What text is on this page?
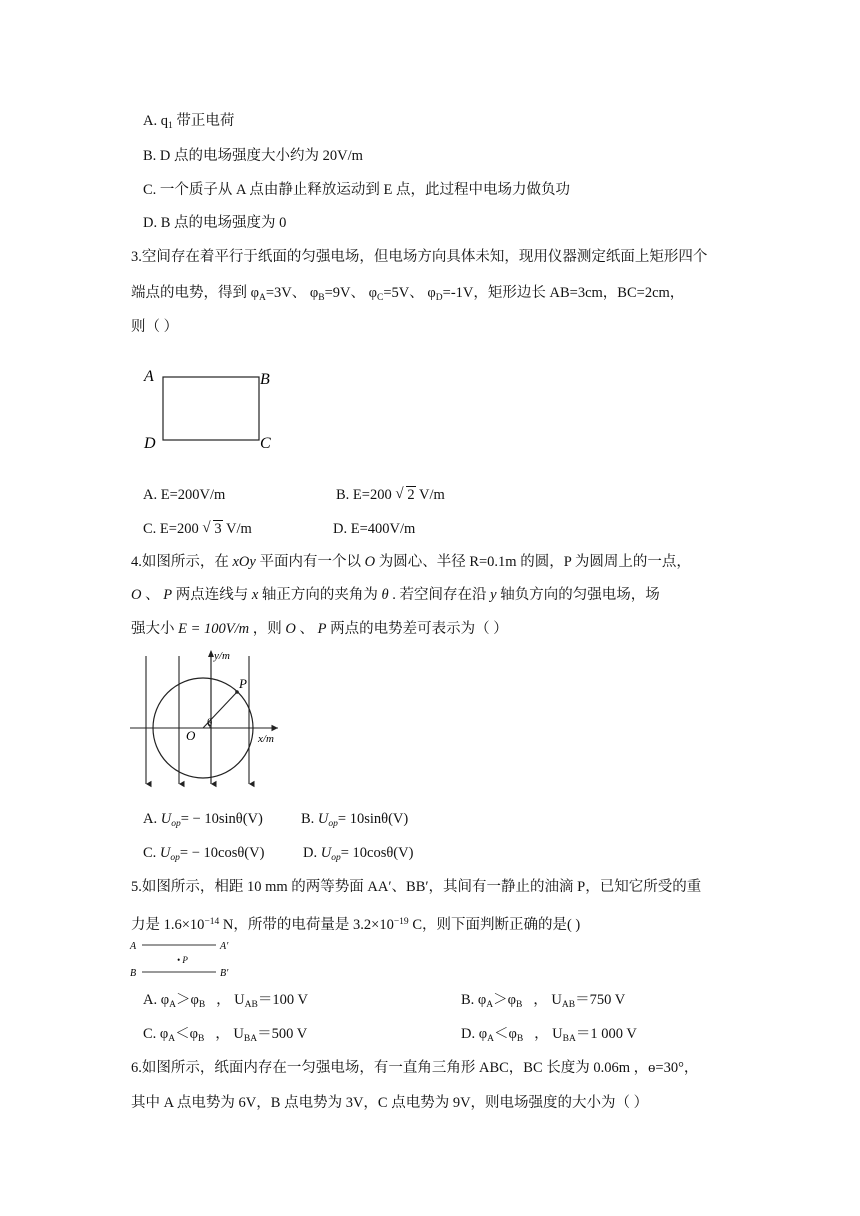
A. $q_1$ 带正电荷
B. D 点的电场强度大小约为 20V/m
C. 一个质子从 A 点由静止释放运动到 E 点，此过程中电场力做负功
D. B 点的电场强度为 0
3.空间存在着平行于纸面的匀强电场，但电场方向具体未知，现用仪器测定纸面上矩形四个
端点的电势，得到 $\varphi_A=3V$、 $\varphi_B=9V$、 $\varphi_C=5V$、 $\varphi_D=-1V$，矩形边长 AB=3cm，BC=2cm，
则（ ）
A	B
D	C
A. E=200V/m	B. E=200 √ 2 V/m
C. E=200 √ 3 V/m	D. E=400V/m
4.如图所示，在 xOy 平面内有一个以 O 为圆心、半径 R=0.1m 的圆，P 为圆周上的一点，
O 、 P 两点连线与 x 轴正方向的夹角为 θ . 若空间存在沿 y 轴负方向的匀强电场，场
强大小 E = 100V/m ，则 O 、 P 两点的电势差可表示为（ ）
θ
O
P
y/m
x/m
A. $U_{op}= - 10\sin\theta(V)$	B. $U_{op}= 10\sin\theta(V)$
C. $U_{op}= - 10\cos\theta(V)$	D. $U_{op}= 10\cos\theta(V)$
5.如图所示，相距 10 mm 的两等势面 AA′、BB′，其间有一静止的油滴 P，已知它所受的重
力是 $1.6\times 10^{-14}$ N，所带的电荷量是 $3.2\times 10^{-19}$ C，则下面判断正确的是( )
A	A′
B	B′
• P
A. $\varphi_A>\varphi_B$ ， $U_{AB}=100$ V	B. $\varphi_A>\varphi_B$ ， $U_{AB}=750$ V
C. $\varphi_A<\varphi_B$ ， $U_{BA}=500$ V	D. $\varphi_A<\varphi_B$ ， $U_{BA}=1$ 000 V
6.如图所示，纸面内存在一匀强电场，有一直角三角形 ABC，BC 长度为 0.06m ，ө=30°，
其中 A 点电势为 6V，B 点电势为 3V，C 点电势为 9V，则电场强度的大小为（ ）
